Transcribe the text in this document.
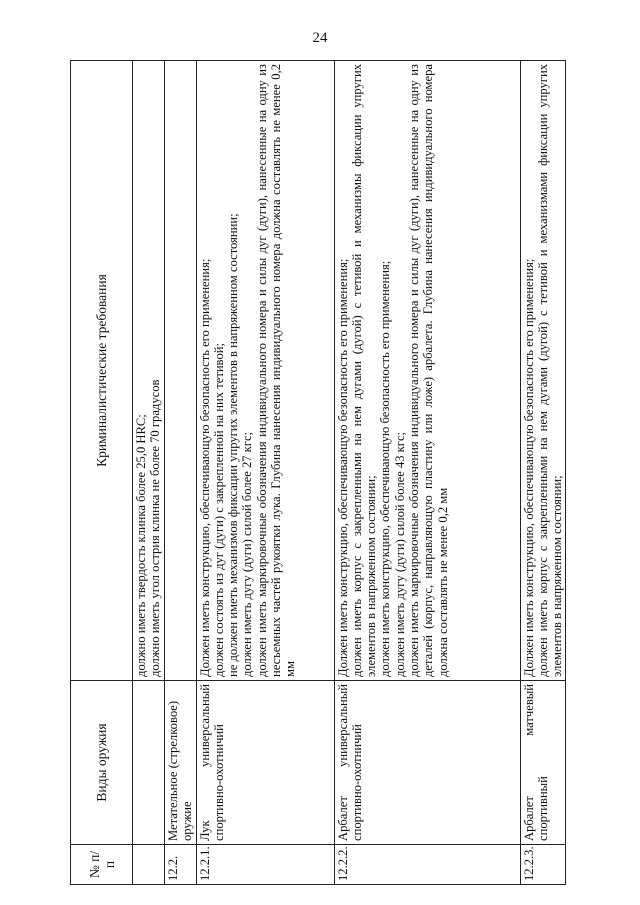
24
№ п/п	Виды оружия	Криминалистические требования

		должно иметь твердость клинка более 25,0 HRC; должно иметь угол острия клинка не более 70 градусов

12.2.	Метательное (стрелковое) оружие	
12.2.1.	Лук универсальный спортивно-охотничий	Должен иметь конструкцию, обеспечивающую безопасность его применения; должен состоять из дуг (дуги) с закрепленной на них тетивой; не должен иметь механизмов фиксации упругих элементов в напряженном состоянии; должен иметь дугу (дуги) силой более 27 кгс; должен иметь маркировочные обозначения индивидуального номера и силы дуг (дуги), нанесенные на одну из несъемных частей рукоятки лука. Глубина нанесения индивидуального номера должна составлять не менее 0,2 мм

12.2.2.	Арбалет универсальный спортивно-охотничий	Должен иметь конструкцию, обеспечивающую безопасность его применения; должен иметь корпус с закрепленными на нем дугами (дугой) с тетивой и механизмы фиксации упругих элементов в напряженном состоянии; должен иметь конструкцию, обеспечивающую безопасность его применения; должен иметь дугу (дуги) силой более 43 кгс; должен иметь маркировочные обозначения индивидуального номера и силы дуг (дуги), нанесенные на одну из деталей (корпус, направляющую пластину или ложе) арбалета. Глубина нанесения индивидуального номера должна составлять не менее 0,2 мм

12.2.3.	Арбалет матчевый спортивный	Должен иметь конструкцию, обеспечивающую безопасность его применения; должен иметь корпус с закрепленными на нем дугами (дугой) с тетивой и механизмами фиксации упругих элементов в напряженном состоянии;
